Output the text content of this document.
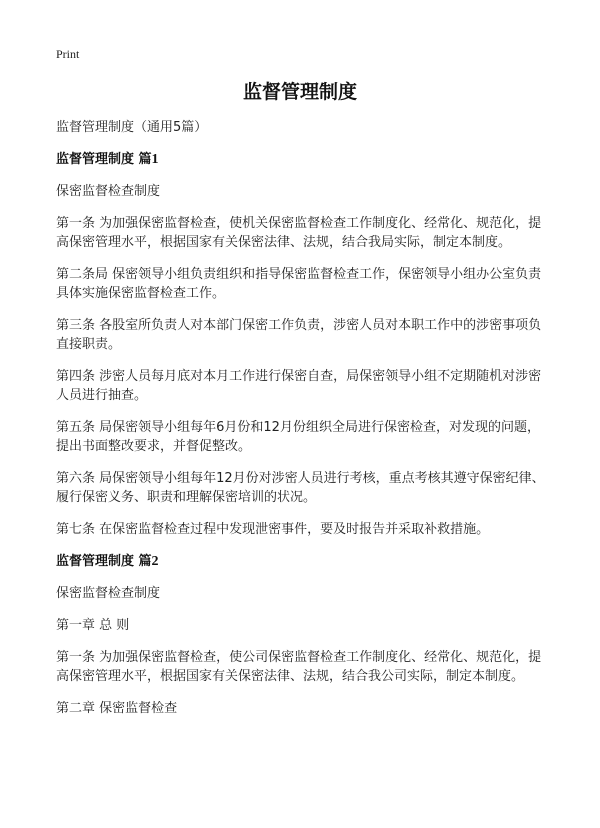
Print
监督管理制度

监督管理制度（通用5篇）

监督管理制度 篇1

保密监督检查制度

第一条 为加强保密监督检查，使机关保密监督检查工作制度化、经常化、规范化，提高保密管理水平，根据国家有关保密法律、法规，结合我局实际，制定本制度。

第二条局 保密领导小组负责组织和指导保密监督检查工作，保密领导小组办公室负责具体实施保密监督检查工作。

第三条 各股室所负责人对本部门保密工作负责，涉密人员对本职工作中的涉密事项负直接职责。

第四条 涉密人员每月底对本月工作进行保密自查，局保密领导小组不定期随机对涉密人员进行抽查。

第五条 局保密领导小组每年6月份和12月份组织全局进行保密检查，对发现的问题，提出书面整改要求，并督促整改。

第六条 局保密领导小组每年12月份对涉密人员进行考核，重点考核其遵守保密纪律、履行保密义务、职责和理解保密培训的状况。

第七条 在保密监督检查过程中发现泄密事件，要及时报告并采取补救措施。

监督管理制度 篇2

保密监督检查制度

第一章 总 则

第一条 为加强保密监督检查，使公司保密监督检查工作制度化、经常化、规范化，提高保密管理水平，根据国家有关保密法律、法规，结合我公司实际，制定本制度。

第二章 保密监督检查
